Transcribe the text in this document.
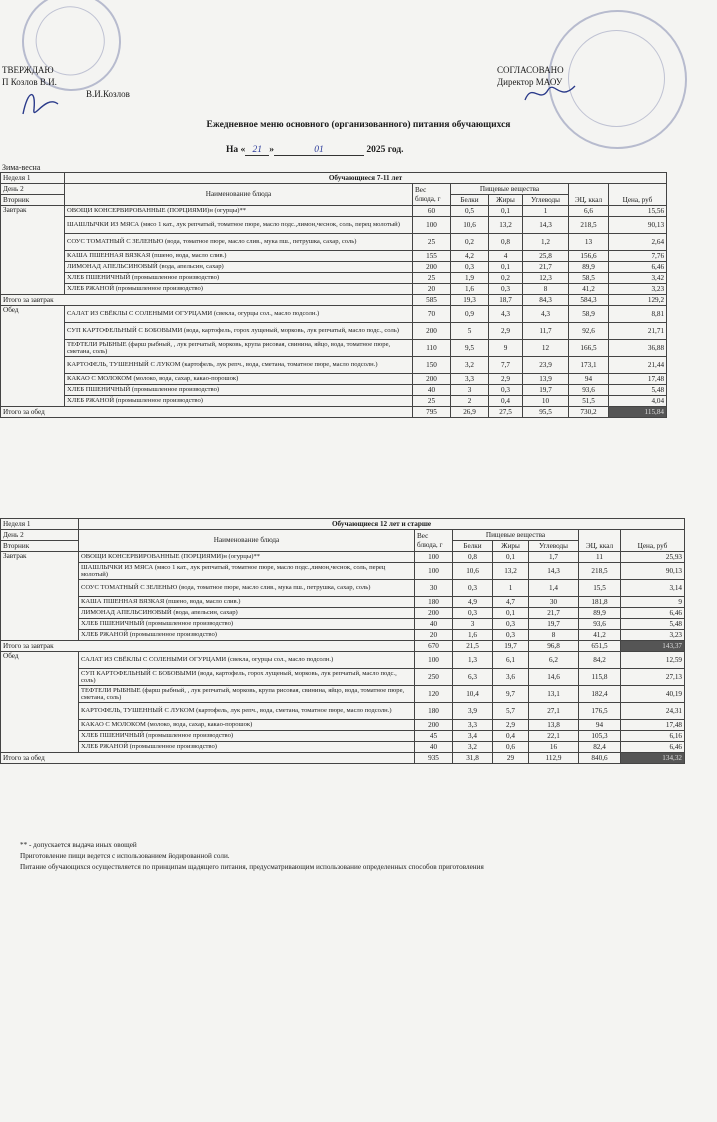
ТВЕРЖДАЮ
П Козлов В.И.
В.И.Козлов
СОГЛАСОВАНО
Директор МАОУ
Ежедневное меню основного (организованного) питания обучающихся
На « 21 »	01	2025 год.
Зима-весна
Неделя 1	Обучающиеся 7-11 лет						
День 2	Наименование блюда	Вес блюда, г	Пищевые вещества			ЭЦ, ккал	Цена, руб
Вторник			Белки	Жиры	Углеводы		

Завтрак	ОВОЩИ КОНСЕРВИРОВАННЫЕ (ПОРЦИЯМИ)н (огурцы)**	60	0,5	0,1	1	6,6	15,56
	ШАШЛЫЧКИ ИЗ МЯСА (мясо 1 кат., лук репчатый, томатное пюре, масло подс.,лимон,чеснок, соль, перец молотый)	100	10,6	13,2	14,3	218,5	90,13
	СОУС ТОМАТНЫЙ С ЗЕЛЕНЬЮ (вода, томатное пюре, масло слив., мука пш., петрушка, сахар, соль)	25	0,2	0,8	1,2	13	2,64
	КАША ПШЕННАЯ ВЯЗКАЯ (пшено, вода, масло слив.)	155	4,2	4	25,8	156,6	7,76
	ЛИМОНАД АПЕЛЬСИНОВЫЙ (вода, апельсин, сахар)	200	0,3	0,1	21,7	89,9	6,46
	ХЛЕБ ПШЕНИЧНЫЙ (промышленное производство)	25	1,9	0,2	12,3	58,5	3,42
	ХЛЕБ РЖАНОЙ (промышленное производство)	20	1,6	0,3	8	41,2	3,23
Итого за завтрак		585	19,3	18,7	84,3	584,3	129,2
Обед	САЛАТ ИЗ СВЁКЛЫ С СОЛЕНЫМИ ОГУРЦАМИ (свекла, огурцы сол., масло подсолн.)	70	0,9	4,3	4,3	58,9	8,81
	СУП КАРТОФЕЛЬНЫЙ С БОБОВЫМИ (вода, картофель, горох лущеный, морковь, лук репчатый, масло подс., соль)	200	5	2,9	11,7	92,6	21,71
	ТЕФТЕЛИ РЫБНЫЕ (фарш рыбный, , лук репчатый, морковь, крупа рисовая, свинина, яйцо, вода, томатное пюре, сметана, соль)	110	9,5	9	12	166,5	36,88
	КАРТОФЕЛЬ, ТУШЕННЫЙ С ЛУКОМ (картофель, лук репч., вода, сметана, томатное пюре, масло подсолн.)	150	3,2	7,7	23,9	173,1	21,44
	КАКАО С МОЛОКОМ (молоко, вода, сахар, какао-порошок)	200	3,3	2,9	13,9	94	17,48
	ХЛЕБ ПШЕНИЧНЫЙ (промышленное производство)	40	3	0,3	19,7	93,6	5,48
	ХЛЕБ РЖАНОЙ (промышленное производство)	25	2	0,4	10	51,5	4,04
Итого за обед		795	26,9	27,5	95,5	730,2	115,84
Неделя 1	Обучающиеся 12 лет и старше						
День 2	Наименование блюда	Вес блюда, г	Пищевые вещества			ЭЦ, ккал	Цена, руб
Вторник			Белки	Жиры	Углеводы		

Завтрак	ОВОЩИ КОНСЕРВИРОВАННЫЕ (ПОРЦИЯМИ)н (огурцы)**	100	0,8	0,1	1,7	11	25,93
	ШАШЛЫЧКИ ИЗ МЯСА (мясо 1 кат., лук репчатый, томатное пюре, масло подс.,лимон,чеснок, соль, перец молотый)	100	10,6	13,2	14,3	218,5	90,13
	СОУС ТОМАТНЫЙ С ЗЕЛЕНЬЮ (вода, томатное пюре, масло слив., мука пш., петрушка, сахар, соль)	30	0,3	1	1,4	15,5	3,14
	КАША ПШЕННАЯ ВЯЗКАЯ (пшено, вода, масло слив.)	180	4,9	4,7	30	181,8	9
	ЛИМОНАД АПЕЛЬСИНОВЫЙ (вода, апельсин, сахар)	200	0,3	0,1	21,7	89,9	6,46
	ХЛЕБ ПШЕНИЧНЫЙ (промышленное производство)	40	3	0,3	19,7	93,6	5,48
	ХЛЕБ РЖАНОЙ (промышленное производство)	20	1,6	0,3	8	41,2	3,23
Итого за завтрак		670	21,5	19,7	96,8	651,5	143,37
Обед	САЛАТ ИЗ СВЁКЛЫ С СОЛЕНЫМИ ОГУРЦАМИ (свекла, огурцы сол., масло подсолн.)	100	1,3	6,1	6,2	84,2	12,59
	СУП КАРТОФЕЛЬНЫЙ С БОБОВЫМИ (вода, картофель, горох лущеный, морковь, лук репчатый, масло подс., соль)	250	6,3	3,6	14,6	115,8	27,13
	ТЕФТЕЛИ РЫБНЫЕ (фарш рыбный, , лук репчатый, морковь, крупа рисовая, свинина, яйцо, вода, томатное пюре, сметана, соль)	120	10,4	9,7	13,1	182,4	40,19
	КАРТОФЕЛЬ, ТУШЕННЫЙ С ЛУКОМ (картофель, лук репч., вода, сметана, томатное пюре, масло подсолн.)	180	3,9	5,7	27,1	176,5	24,31
	КАКАО С МОЛОКОМ (молоко, вода, сахар, какао-порошок)	200	3,3	2,9	13,8	94	17,48
	ХЛЕБ ПШЕНИЧНЫЙ (промышленное производство)	45	3,4	0,4	22,1	105,3	6,16
	ХЛЕБ РЖАНОЙ (промышленное производство)	40	3,2	0,6	16	82,4	6,46
Итого за обед		935	31,8	29	112,9	840,6	134,32
** - допускается выдача иных овощей
Приготовление пищи ведется с использованием йодированной соли.
Питание обучающихся осуществляется по принципам щадящего питания, предусматривающим использование определенных способов приготовления
